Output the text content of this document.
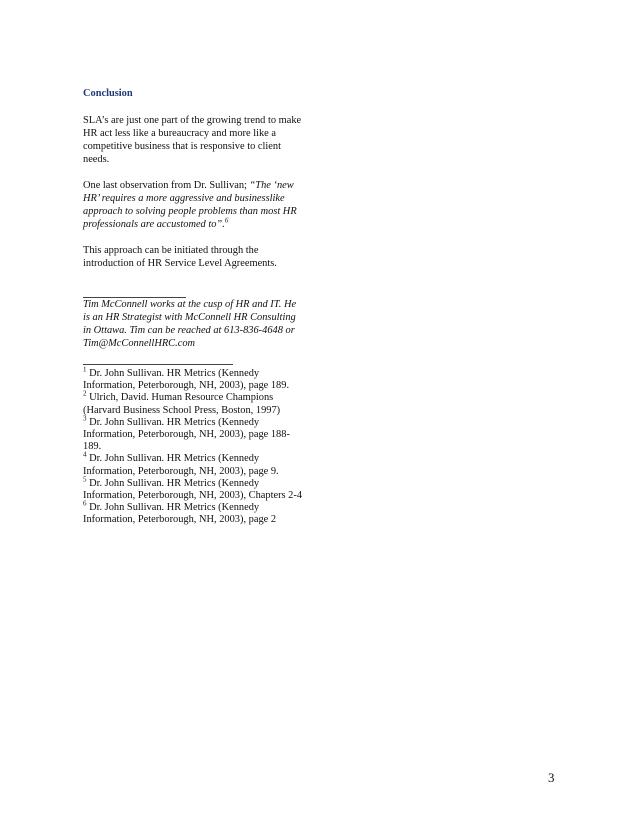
Conclusion

SLA’s are just one part of the growing trend to make HR act less like a bureaucracy and more like a competitive business that is responsive to client needs.

One last observation from Dr. Sullivan; “The ‘new HR’ requires a more aggressive and businesslike approach to solving people problems than most HR professionals are accustomed to”.$^6$

This approach can be initiated through the introduction of HR Service Level Agreements.

Tim McConnell works at the cusp of HR and IT. He is an HR Strategist with McConnell HR Consulting in Ottawa. Tim can be reached at 613-836-4648 or Tim@McConnellHRC.com

$^1$ Dr. John Sullivan. HR Metrics (Kennedy Information, Peterborough, NH, 2003), page 189.

$^2$ Ulrich, David. Human Resource Champions (Harvard Business School Press, Boston, 1997)

$^3$ Dr. John Sullivan. HR Metrics (Kennedy Information, Peterborough, NH, 2003), page 188-189.

$^4$ Dr. John Sullivan. HR Metrics (Kennedy Information, Peterborough, NH, 2003), page 9.

$^5$ Dr. John Sullivan. HR Metrics (Kennedy Information, Peterborough, NH, 2003), Chapters 2-4

$^6$ Dr. John Sullivan. HR Metrics (Kennedy Information, Peterborough, NH, 2003), page 2

3
